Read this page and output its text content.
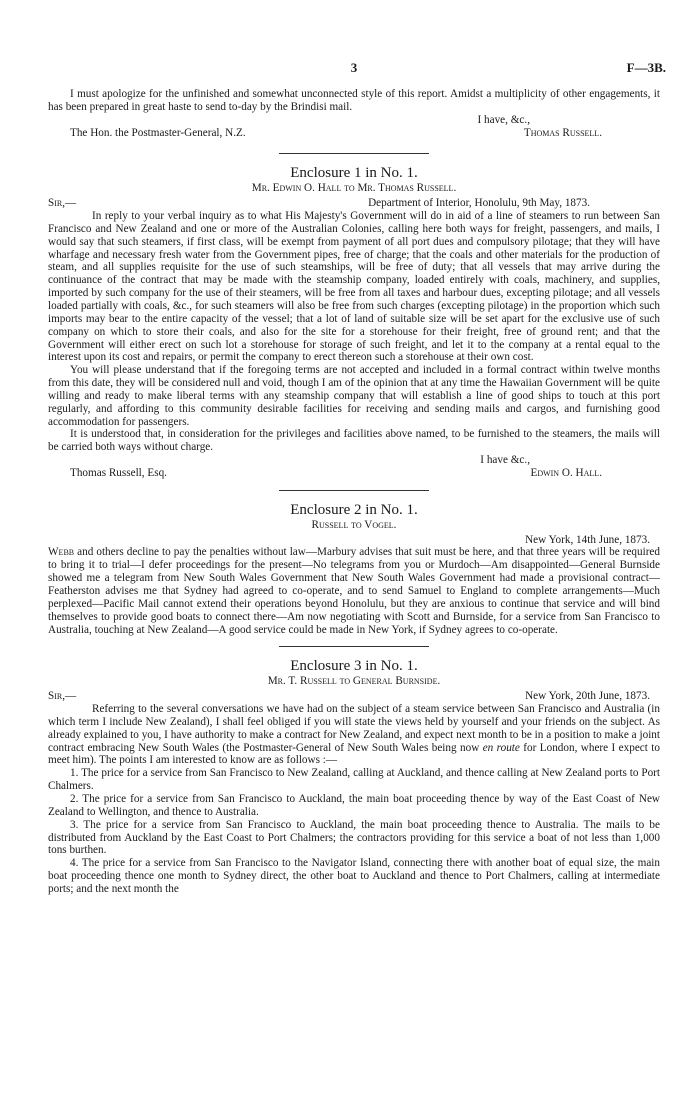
3	F—3B.

I must apologize for the unfinished and somewhat unconnected style of this report. Amidst a multiplicity of other engagements, it has been prepared in great haste to send to-day by the Brindisi mail.

I have, &c.,
The Hon. the Postmaster-General, N.Z.	Thomas Russell.
Enclosure 1 in No. 1.
Mr. Edwin O. Hall to Mr. Thomas Russell.
Sir,—	Department of Interior, Honolulu, 9th May, 1873.

In reply to your verbal inquiry as to what His Majesty's Government will do in aid of a line of steamers to run between San Francisco and New Zealand and one or more of the Australian Colonies, calling here both ways for freight, passengers, and mails, I would say that such steamers, if first class, will be exempt from payment of all port dues and compulsory pilotage; that they will have wharfage and necessary fresh water from the Government pipes, free of charge; that the coals and other materials for the production of steam, and all supplies requisite for the use of such steamships, will be free of duty; that all vessels that may arrive during the continuance of the contract that may be made with the steamship company, loaded entirely with coals, machinery, and supplies, imported by such company for the use of their steamers, will be free from all taxes and harbour dues, excepting pilotage; and all vessels loaded partially with coals, &c., for such steamers will also be free from such charges (excepting pilotage) in the proportion which such imports may bear to the entire capacity of the vessel; that a lot of land of suitable size will be set apart for the exclusive use of such company on which to store their coals, and also for the site for a storehouse for their freight, free of ground rent; and that the Government will either erect on such lot a storehouse for storage of such freight, and let it to the company at a rental equal to the interest upon its cost and repairs, or permit the company to erect thereon such a storehouse at their own cost.

You will please understand that if the foregoing terms are not accepted and included in a formal contract within twelve months from this date, they will be considered null and void, though I am of the opinion that at any time the Hawaiian Government will be quite willing and ready to make liberal terms with any steamship company that will establish a line of good ships to touch at this port regularly, and affording to this community desirable facilities for receiving and sending mails and cargos, and furnishing good accommodation for passengers.

It is understood that, in consideration for the privileges and facilities above named, to be furnished to the steamers, the mails will be carried both ways without charge.

I have &c.,
Thomas Russell, Esq.	Edwin O. Hall.
Enclosure 2 in No. 1.
Russell to Vogel.
New York, 14th June, 1873.

Webb and others decline to pay the penalties without law—Marbury advises that suit must be here, and that three years will be required to bring it to trial—I defer proceedings for the present—No telegrams from you or Murdoch—Am disappointed—General Burnside showed me a telegram from New South Wales Government that New South Wales Government had made a provisional contract—Featherston advises me that Sydney had agreed to co-operate, and to send Samuel to England to complete arrangements—Much perplexed—Pacific Mail cannot extend their operations beyond Honolulu, but they are anxious to continue that service and will bind themselves to provide good boats to connect there—Am now negotiating with Scott and Burnside, for a service from San Francisco to Australia, touching at New Zealand—A good service could be made in New York, if Sydney agrees to co-operate.

Enclosure 3 in No. 1.
Mr. T. Russell to General Burnside.
Sir,—	New York, 20th June, 1873.

Referring to the several conversations we have had on the subject of a steam service between San Francisco and Australia (in which term I include New Zealand), I shall feel obliged if you will state the views held by yourself and your friends on the subject. As already explained to you, I have authority to make a contract for New Zealand, and expect next month to be in a position to make a joint contract embracing New South Wales (the Postmaster-General of New South Wales being now en route for London, where I expect to meet him). The points I am interested to know are as follows :—

1. The price for a service from San Francisco to New Zealand, calling at Auckland, and thence calling at New Zealand ports to Port Chalmers.

2. The price for a service from San Francisco to Auckland, the main boat proceeding thence by way of the East Coast of New Zealand to Wellington, and thence to Australia.

3. The price for a service from San Francisco to Auckland, the main boat proceeding thence to Australia. The mails to be distributed from Auckland by the East Coast to Port Chalmers; the contractors providing for this service a boat of not less than 1,000 tons burthen.

4. The price for a service from San Francisco to the Navigator Island, connecting there with another boat of equal size, the main boat proceeding thence one month to Sydney direct, the other boat to Auckland and thence to Port Chalmers, calling at intermediate ports; and the next month the
